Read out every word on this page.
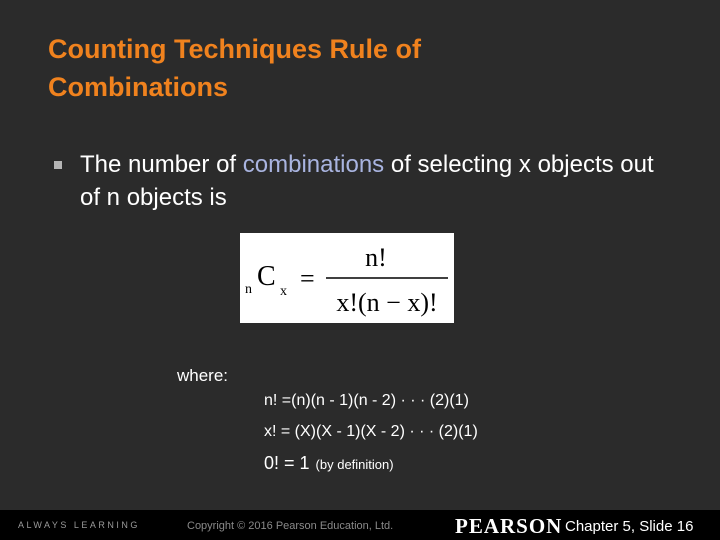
Counting Techniques Rule of
Combinations
The number of combinations of selecting x objects out of n objects is
n C x =
n!
x!(n − x)!
where:
n! =(n)(n - 1)(n - 2) · · · (2)(1)
x! = (X)(X - 1)(X - 2) · · · (2)(1)
0! = 1 (by definition)
ALWAYS LEARNING	Copyright © 2016 Pearson Education, Ltd.	PEARSON Chapter 5, Slide 16
